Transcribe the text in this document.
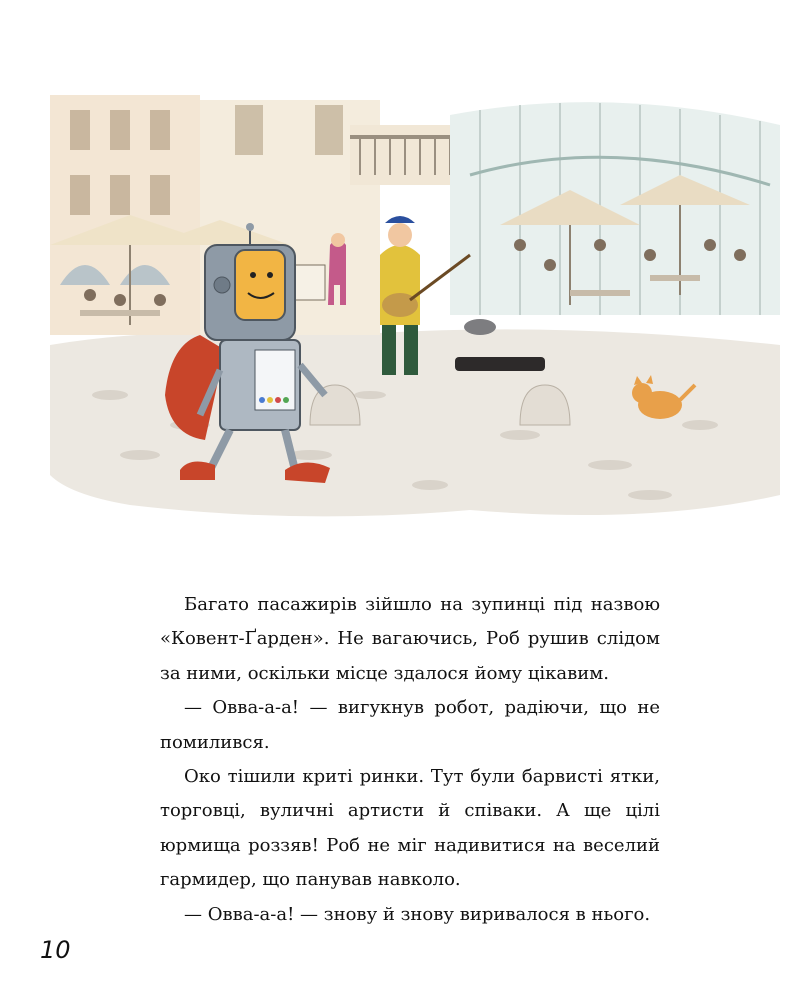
Багато пасажирів зійшло на зупинці під назвою «Ковент-Ґарден». Не вагаючись, Роб рушив слідом за ними, оскільки місце здалося йому цікавим.

— Овва-а-а! — вигукнув робот, радіючи, що не помилився.

Око тішили криті ринки. Тут були барвисті ятки, торговці, вуличні артисти й співаки. А ще цілі юрмища роззяв! Роб не міг надивитися на веселий гармидер, що панував навколо.

— Овва-а-а! — знову й знову виривалося в нього.

10
